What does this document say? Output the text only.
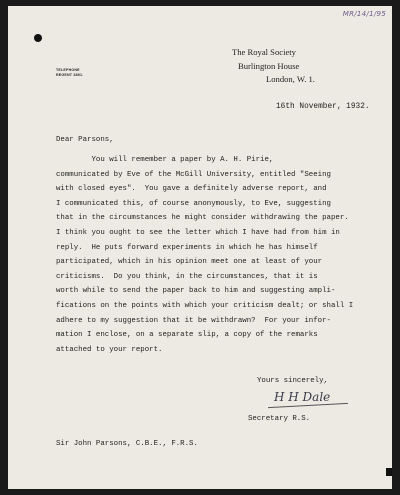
MR/14/1/95
TELEPHONE
REGENT 3891.
The Royal Society
Burlington House
London, W. 1.
16th November, 1932.
Dear Parsons,
You will remember a paper by A. H. Pirie,
communicated by Eve of the McGill University, entitled "Seeing
with closed eyes".  You gave a definitely adverse report, and
I communicated this, of course anonymously, to Eve, suggesting
that in the circumstances he might consider withdrawing the paper.
I think you ought to see the letter which I have had from him in
reply.  He puts forward experiments in which he has himself
participated, which in his opinion meet one at least of your
criticisms.  Do you think, in the circumstances, that it is
worth while to send the paper back to him and suggesting ampli-
fications on the points with which your criticism dealt; or shall I
adhere to my suggestion that it be withdrawn?  For your infor-
mation I enclose, on a separate slip, a copy of the remarks
attached to your report.
Yours sincerely,
H H Dale
Secretary R.S.
Sir John Parsons, C.B.E., F.R.S.
